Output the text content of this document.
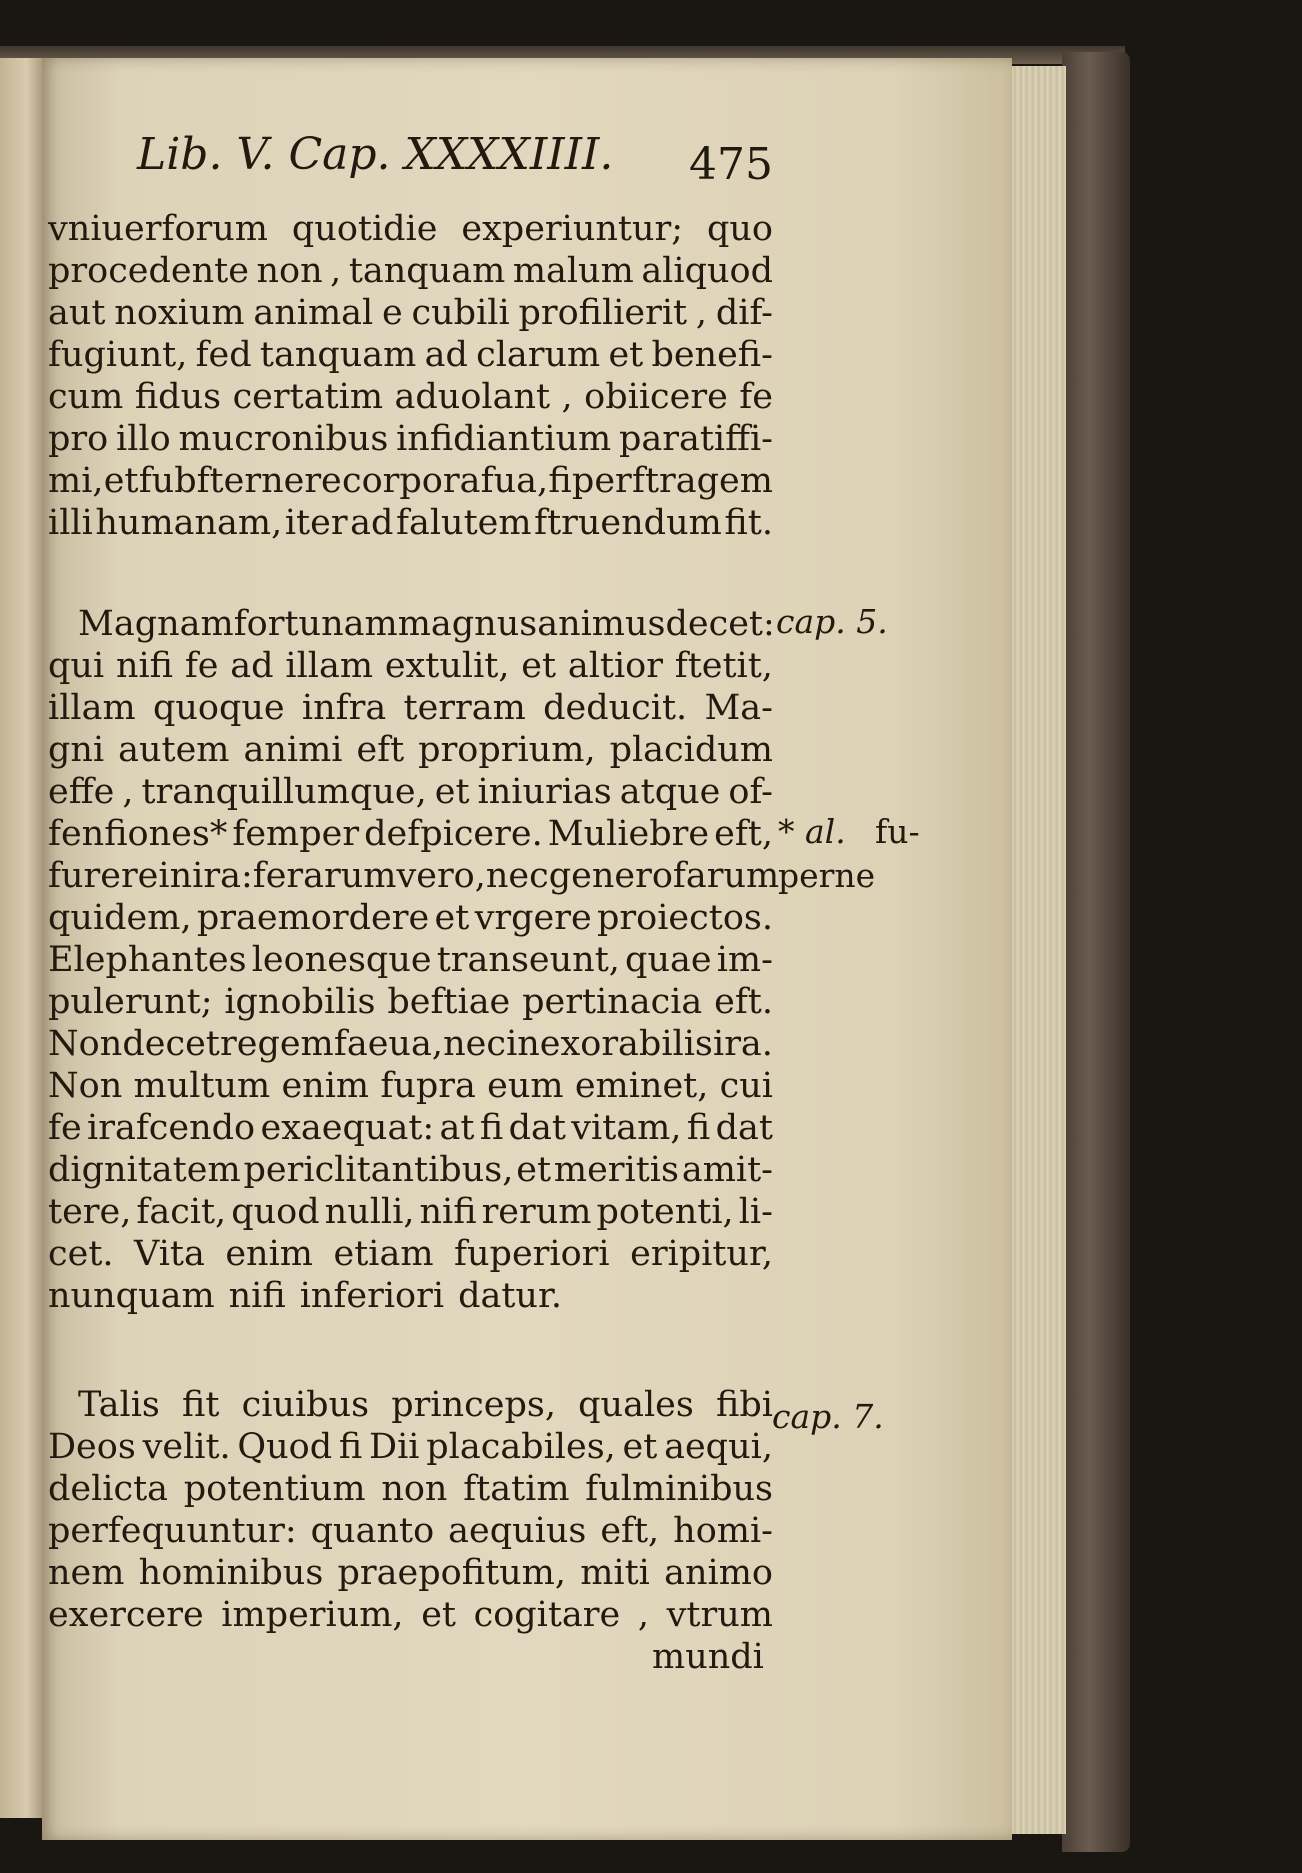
Lib. V. Cap. XXXXIIII. 475
vniuerforum quotidie experiuntur; quo
procedente non , tanquam malum aliquod
aut noxium animal e cubili profilierit , dif-
fugiunt, fed tanquam ad clarum et benefi-
cum fidus certatim aduolant , obiicere fe
pro illo mucronibus infidiantium paratiffi-
mi, et fubfternere corpora fua, fi per ftragem
illi humanam, iter ad falutem ftruendum fit.
Magnam fortunam magnus animus decet:
qui nifi fe ad illam extulit, et altior ftetit,
illam quoque infra terram deducit. Ma-
gni autem animi eft proprium, placidum
effe , tranquillumque, et iniurias atque of-
fenfiones* femper defpicere. Muliebre eft,
furere in ira : ferarum vero, nec generofarum
quidem, praemordere et vrgere proiectos.
Elephantes leonesque transeunt, quae im-
pulerunt; ignobilis beftiae pertinacia eft.
Non decet regem faeua, nec inexorabilis ira.
Non multum enim fupra eum eminet, cui
fe irafcendo exaequat: at fi dat vitam, fi dat
dignitatem periclitantibus, et meritis amit-
tere, facit, quod nulli, nifi rerum potenti, li-
cet. Vita enim etiam fuperiori eripitur,
nunquam nifi inferiori datur.
Talis fit ciuibus princeps, quales fibi
Deos velit. Quod fi Dii placabiles, et aequi,
delicta potentium non ftatim fulminibus
perfequuntur: quanto aequius eft, homi-
nem hominibus praepofitum, miti animo
exercere imperium, et cogitare , vtrum
mundi
cap. 5.
* al. fu-
perne
cap. 7.
